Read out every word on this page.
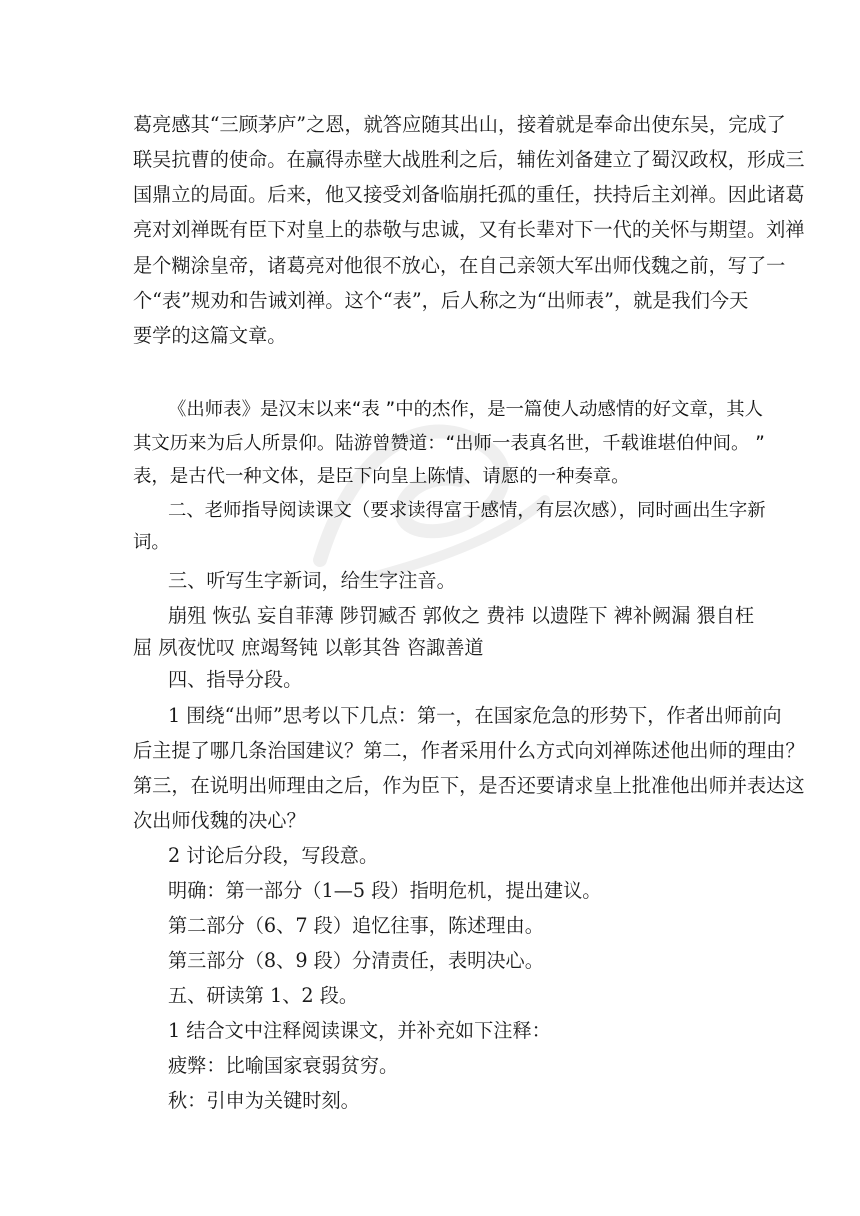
葛亮感其“三顾茅庐”之恩，就答应随其出山，接着就是奉命出使东吴，完成了

联吴抗曹的使命。在赢得赤壁大战胜利之后，辅佐刘备建立了蜀汉政权，形成三

国鼎立的局面。后来，他又接受刘备临崩托孤的重任，扶持后主刘禅。因此诸葛

亮对刘禅既有臣下对皇上的恭敬与忠诚，又有长辈对下一代的关怀与期望。刘禅

是个糊涂皇帝，诸葛亮对他很不放心，在自己亲领大军出师伐魏之前，写了一

个“表”规劝和告诫刘禅。这个“表”，后人称之为“出师表”，就是我们今天

要学的这篇文章。

《出师表》是汉末以来“表 ”中的杰作，是一篇使人动感情的好文章，其人

其文历来为后人所景仰。陆游曾赞道：“出师一表真名世，千载谁堪伯仲间。 ”

表，是古代一种文体，是臣下向皇上陈情、请愿的一种奏章。

二、老师指导阅读课文（要求读得富于感情，有层次感），同时画出生字新

词。

三、听写生字新词，给生字注音。

崩殂 恢弘 妄自菲薄 陟罚臧否 郭攸之 费祎 以遗陛下 裨补阙漏 猥自枉

屈 夙夜忧叹 庶竭驽钝 以彰其咎 咨諏善道

四、指导分段。

1 围绕“出师”思考以下几点：第一，在国家危急的形势下，作者出师前向

后主提了哪几条治国建议？第二，作者采用什么方式向刘禅陈述他出师的理由？

第三，在说明出师理由之后，作为臣下，是否还要请求皇上批准他出师并表达这

次出师伐魏的决心？

2 讨论后分段，写段意。

明确：第一部分（1—5 段）指明危机，提出建议。

第二部分（6、7 段）追忆往事，陈述理由。

第三部分（8、9 段）分清责任，表明决心。

五、研读第 1、2 段。

1 结合文中注释阅读课文，并补充如下注释：

疲弊：比喻国家衰弱贫穷。

秋：引申为关键时刻。
